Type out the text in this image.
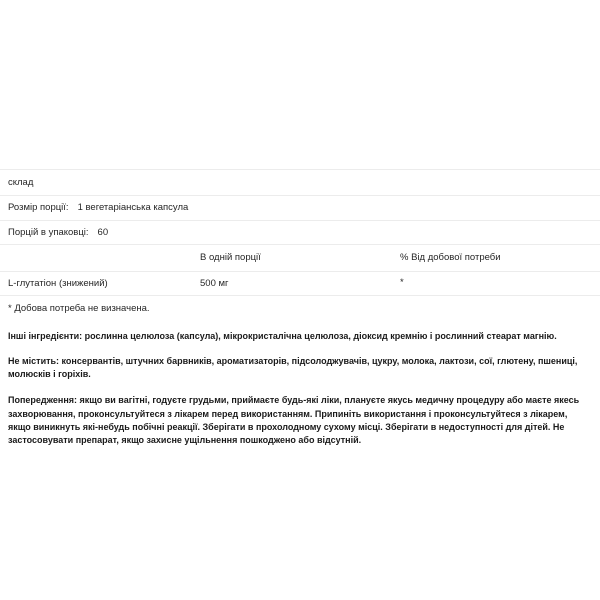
склад		
Розмір порції: 1 вегетаріанська капсула		
Порцій в упаковці: 60		
	В одній порції	% Від добової потреби
L-глутатіон (знижений)	500 мг	*
* Добова потреба не визначена.
Інші інгредієнти: рослинна целюлоза (капсула), мікрокристалічна целюлоза, діоксид кремнію і рослинний стеарат магнію.
Не містить: консервантів, штучних барвників, ароматизаторів, підсолоджувачів, цукру, молока, лактози, сої, глютену, пшениці, молюсків і горіхів.
Попередження: якщо ви вагітні, годуєте грудьми, приймаєте будь-які ліки, плануєте якусь медичну процедуру або маєте якесь захворювання, проконсультуйтеся з лікарем перед використанням. Припиніть використання і проконсультуйтеся з лікарем, якщо виникнуть які-небудь побічні реакції. Зберігати в прохолодному сухому місці. Зберігати в недоступності для дітей. Не застосовувати препарат, якщо захисне ущільнення пошкоджено або відсутній.
